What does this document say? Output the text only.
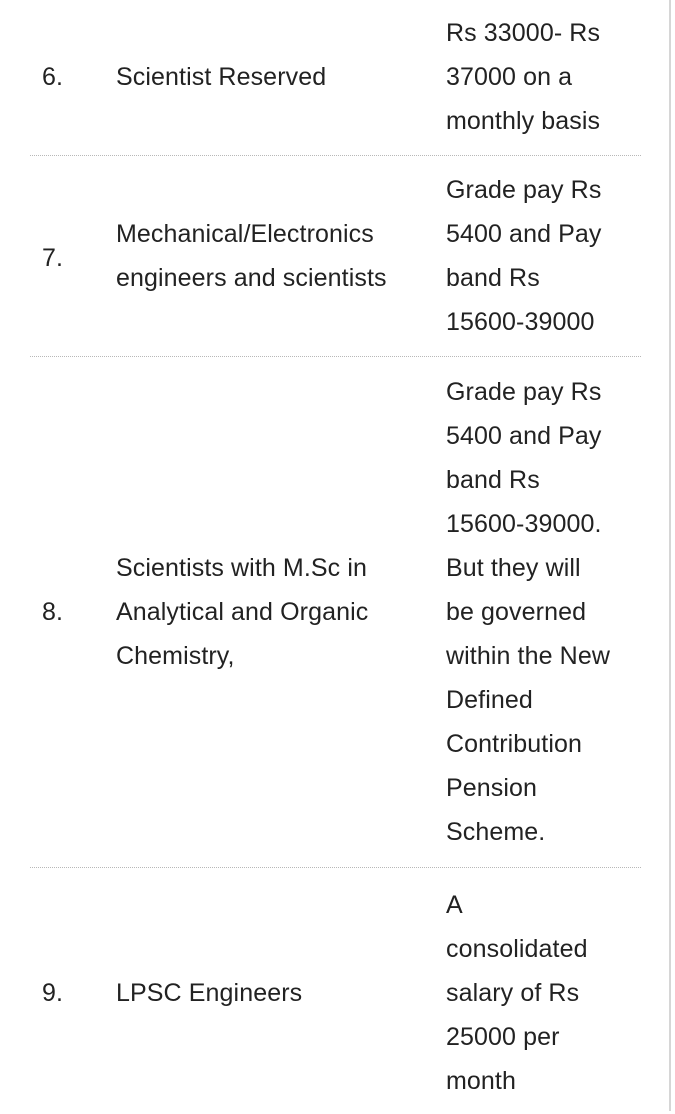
6.	Scientist Reserved
Rs 33000- Rs
37000 on a
monthly basis
7.
Mechanical/Electronics
engineers and scientists
Grade pay Rs
5400 and Pay
band Rs
15600-39000
8.
Scientists with M.Sc in
Analytical and Organic
Chemistry,
Grade pay Rs
5400 and Pay
band Rs
15600-39000.
But they will
be governed
within the New
Defined
Contribution
Pension
Scheme.
9.	LPSC Engineers
A
consolidated
salary of Rs
25000 per
month
